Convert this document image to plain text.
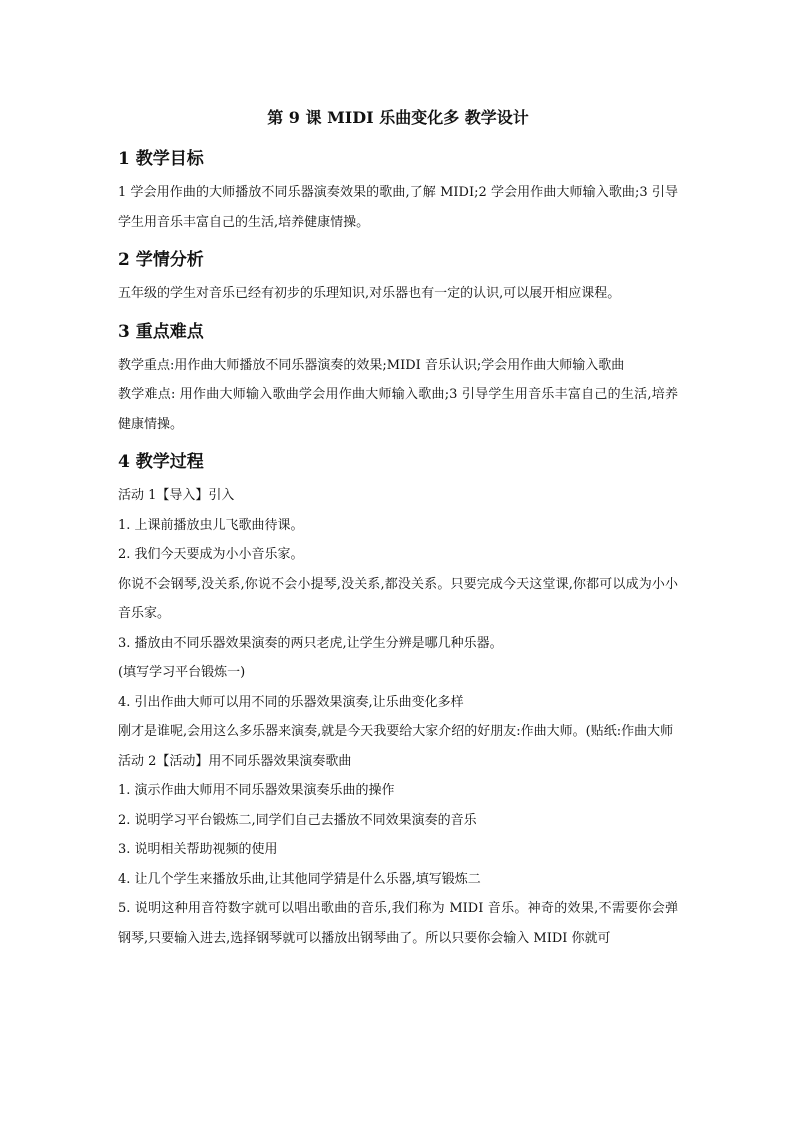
第 9 课 MIDI 乐曲变化多 教学设计
1 教学目标

1 学会用作曲的大师播放不同乐器演奏效果的歌曲,了解 MIDI;2 学会用作曲大师输入歌曲;3 引导学生用音乐丰富自己的生活,培养健康情操。

2 学情分析

五年级的学生对音乐已经有初步的乐理知识,对乐器也有一定的认识,可以展开相应课程。

3 重点难点

教学重点:用作曲大师播放不同乐器演奏的效果;MIDI 音乐认识;学会用作曲大师输入歌曲

教学难点: 用作曲大师输入歌曲学会用作曲大师输入歌曲;3 引导学生用音乐丰富自己的生活,培养健康情操。

4 教学过程

活动 1【导入】引入

1. 上课前播放虫儿飞歌曲待课。

2. 我们今天要成为小小音乐家。

你说不会钢琴,没关系,你说不会小提琴,没关系,都没关系。只要完成今天这堂课,你都可以成为小小音乐家。

3. 播放由不同乐器效果演奏的两只老虎,让学生分辨是哪几种乐器。

(填写学习平台锻炼一)

4. 引出作曲大师可以用不同的乐器效果演奏,让乐曲变化多样

刚才是谁呢,会用这么多乐器来演奏,就是今天我要给大家介绍的好朋友:作曲大师。(贴纸:作曲大师

活动 2【活动】用不同乐器效果演奏歌曲

1. 演示作曲大师用不同乐器效果演奏乐曲的操作

2. 说明学习平台锻炼二,同学们自己去播放不同效果演奏的音乐

3. 说明相关帮助视频的使用

4. 让几个学生来播放乐曲,让其他同学猜是什么乐器,填写锻炼二

5. 说明这种用音符数字就可以唱出歌曲的音乐,我们称为 MIDI 音乐。神奇的效果,不需要你会弹钢琴,只要输入进去,选择钢琴就可以播放出钢琴曲了。所以只要你会输入 MIDI 你就可
